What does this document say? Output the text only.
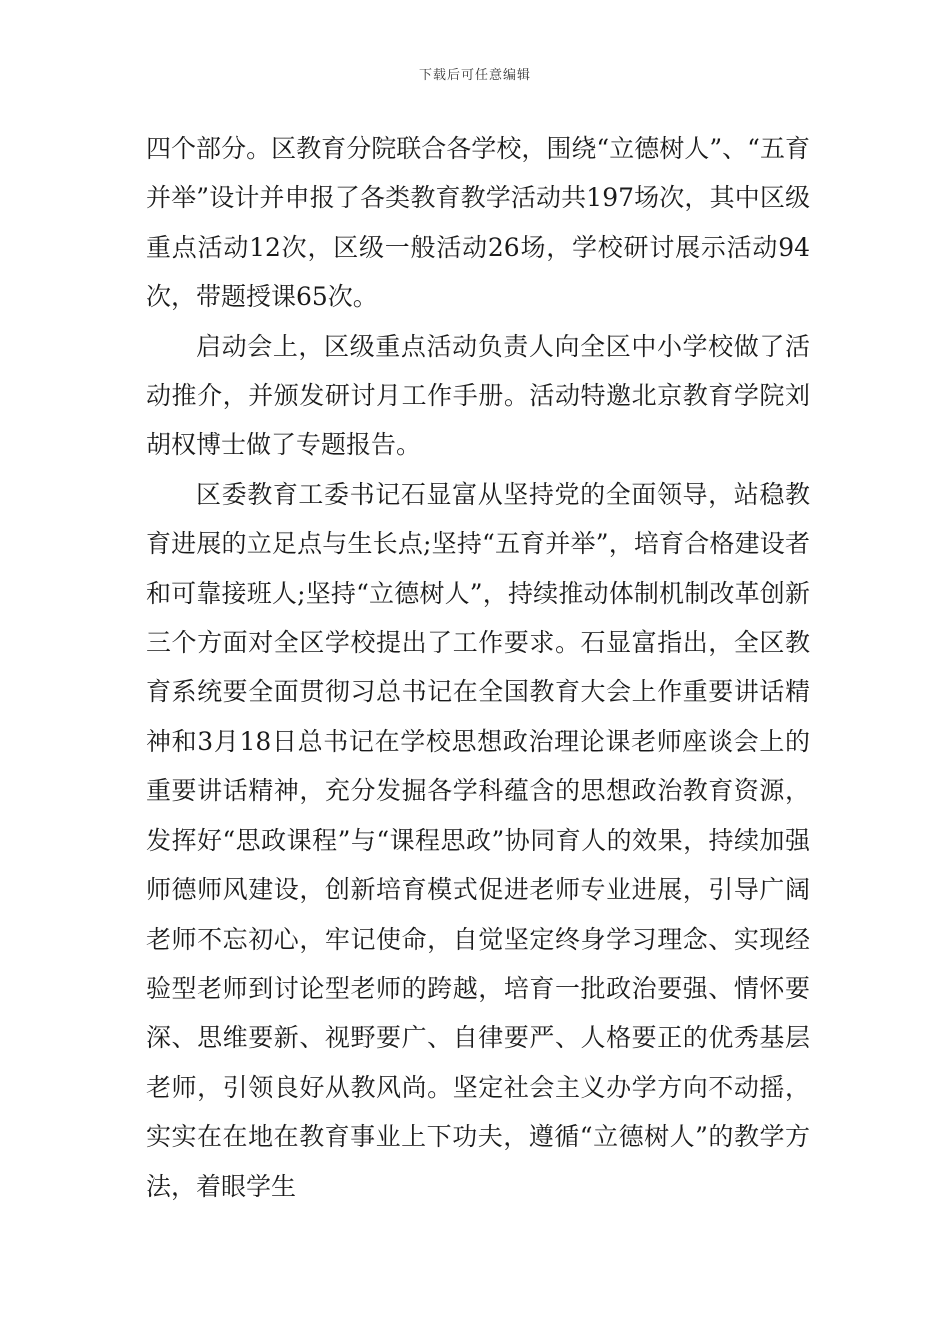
下载后可任意编辑

四个部分。区教育分院联合各学校，围绕“立德树人”、“五育并举”设计并申报了各类教育教学活动共197场次，其中区级重点活动12次，区级一般活动26场，学校研讨展示活动94次，带题授课65次。

启动会上，区级重点活动负责人向全区中小学校做了活动推介，并颁发研讨月工作手册。活动特邀北京教育学院刘胡权博士做了专题报告。

区委教育工委书记石显富从坚持党的全面领导，站稳教育进展的立足点与生长点;坚持“五育并举”，培育合格建设者和可靠接班人;坚持“立德树人”，持续推动体制机制改革创新三个方面对全区学校提出了工作要求。石显富指出，全区教育系统要全面贯彻习总书记在全国教育大会上作重要讲话精神和3月18日总书记在学校思想政治理论课老师座谈会上的重要讲话精神，充分发掘各学科蕴含的思想政治教育资源，发挥好“思政课程”与“课程思政”协同育人的效果，持续加强师德师风建设，创新培育模式促进老师专业进展，引导广阔老师不忘初心，牢记使命，自觉坚定终身学习理念、实现经验型老师到讨论型老师的跨越，培育一批政治要强、情怀要深、思维要新、视野要广、自律要严、人格要正的优秀基层老师，引领良好从教风尚。坚定社会主义办学方向不动摇，实实在在地在教育事业上下功夫，遵循“立德树人”的教学方法，着眼学生
